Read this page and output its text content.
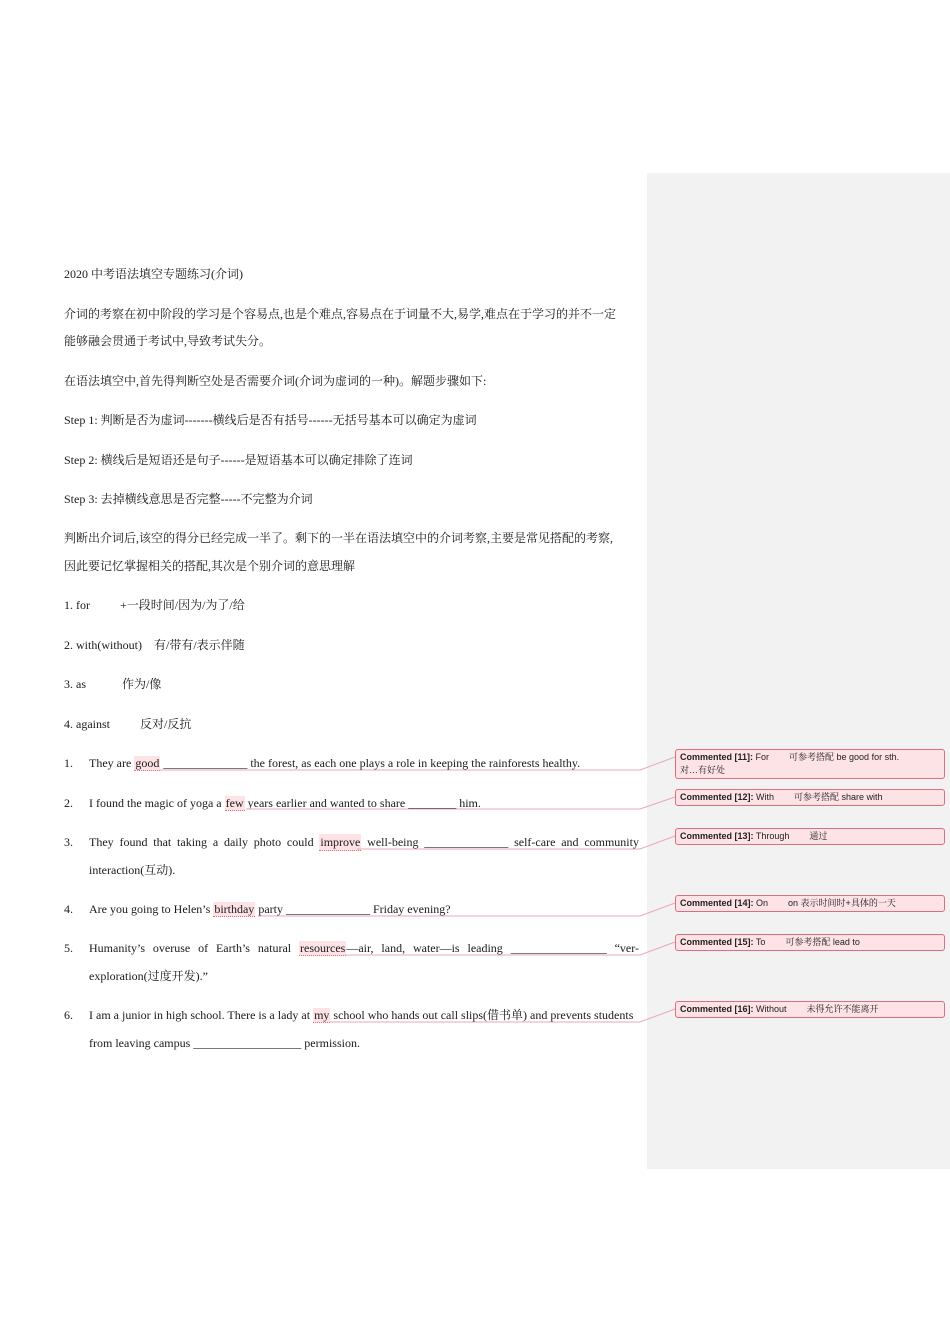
2020 中考语法填空专题练习(介词)
介词的考察在初中阶段的学习是个容易点,也是个难点,容易点在于词量不大,易学,难点在于学习的并不一定
能够融会贯通于考试中,导致考试失分。
在语法填空中,首先得判断空处是否需要介词(介词为虚词的一种)。解题步骤如下:
Step 1: 判断是否为虚词-------横线后是否有括号------无括号基本可以确定为虚词
Step 2: 横线后是短语还是句子------是短语基本可以确定排除了连词
Step 3: 去掉横线意思是否完整-----不完整为介词
判断出介词后,该空的得分已经完成一半了。剩下的一半在语法填空中的介词考察,主要是常见搭配的考察,
因此要记忆掌握相关的搭配,其次是个别介词的意思理解
1. for	+一段时间/因为/为了/给
2. with(without) 有/带有/表示伴随
3. as	作为/像
4. against	反对/反抗
1. They are good ______________ the forest, as each one plays a role in keeping the rainforests healthy.
2. I found the magic of yoga a few years earlier and wanted to share ________ him.
3. They found that taking a daily photo could improve well-being ______________ self-care and community
interaction(互动).
4. Are you going to Helen’s birthday party ______________ Friday evening?
5. Humanity’s overuse of Earth’s natural resources—air, land, water—is leading ________________ “ver-
exploration(过度开发).”
6. I am a junior in high school. There is a lady at my school who hands out call slips(借书单) and prevents students
from leaving campus __________________ permission.
Commented [11]: For 可参考搭配 be good for sth.
对…有好处
Commented [12]: With 可参考搭配 share with
Commented [13]: Through 通过
Commented [14]: On on 表示时间时+具体的一天
Commented [15]: To 可参考搭配 lead to
Commented [16]: Without 未得允许不能离开
